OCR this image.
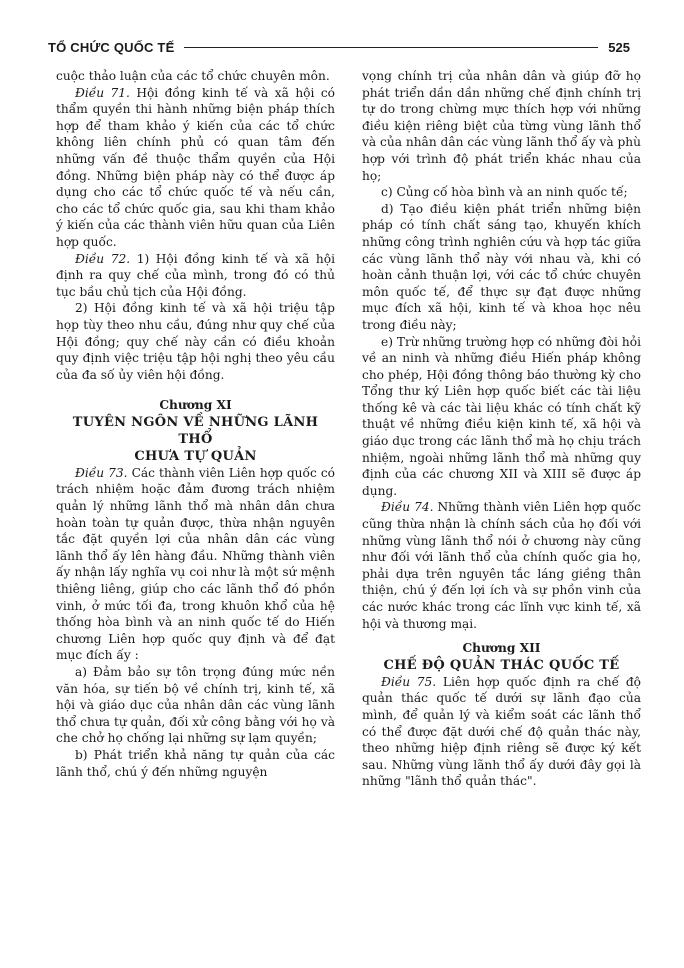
TỔ CHỨC QUỐC TẾ	525

cuộc thảo luận của các tổ chức chuyên môn.

Điều 71. Hội đồng kinh tế và xã hội có thẩm quyền thi hành những biện pháp thích hợp để tham khảo ý kiến của các tổ chức không liên chính phủ có quan tâm đến những vấn đề thuộc thẩm quyền của Hội đồng. Những biện pháp này có thể được áp dụng cho các tổ chức quốc tế và nếu cần, cho các tổ chức quốc gia, sau khi tham khảo ý kiến của các thành viên hữu quan của Liên hợp quốc.

Điều 72. 1) Hội đồng kinh tế và xã hội định ra quy chế của mình, trong đó có thủ tục bầu chủ tịch của Hội đồng.

2) Hội đồng kinh tế và xã hội triệu tập họp tùy theo nhu cầu, đúng như quy chế của Hội đồng; quy chế này cần có điều khoản quy định việc triệu tập hội nghị theo yêu cầu của đa số ủy viên hội đồng.

Chương XI
TUYÊN NGÔN VỀ NHỮNG LÃNH THỔ
CHƯA TỰ QUẢN

Điều 73. Các thành viên Liên hợp quốc có trách nhiệm hoặc đảm đương trách nhiệm quản lý những lãnh thổ mà nhân dân chưa hoàn toàn tự quản được, thừa nhận nguyên tắc đặt quyền lợi của nhân dân các vùng lãnh thổ ấy lên hàng đầu. Những thành viên ấy nhận lấy nghĩa vụ coi như là một sứ mệnh thiêng liêng, giúp cho các lãnh thổ đó phồn vinh, ở mức tối đa, trong khuôn khổ của hệ thống hòa bình và an ninh quốc tế do Hiến chương Liên hợp quốc quy định và để đạt mục đích ấy :

a) Đảm bảo sự tôn trọng đúng mức nền văn hóa, sự tiến bộ về chính trị, kinh tế, xã hội và giáo dục của nhân dân các vùng lãnh thổ chưa tự quản, đối xử công bằng với họ và che chở họ chống lại những sự lạm quyền;

b) Phát triển khả năng tự quản của các lãnh thổ, chú ý đến những nguyện

vọng chính trị của nhân dân và giúp đỡ họ phát triển dần dần những chế định chính trị tự do trong chừng mực thích hợp với những điều kiện riêng biệt của từng vùng lãnh thổ và của nhân dân các vùng lãnh thổ ấy và phù hợp với trình độ phát triển khác nhau của họ;

c) Củng cố hòa bình và an ninh quốc tế;

d) Tạo điều kiện phát triển những biện pháp có tính chất sáng tạo, khuyến khích những công trình nghiên cứu và hợp tác giữa các vùng lãnh thổ này với nhau và, khi có hoàn cảnh thuận lợi, với các tổ chức chuyên môn quốc tế, để thực sự đạt được những mục đích xã hội, kinh tế và khoa học nêu trong điều này;

e) Trừ những trường hợp có những đòi hỏi về an ninh và những điều Hiến pháp không cho phép, Hội đồng thông báo thường kỳ cho Tổng thư ký Liên hợp quốc biết các tài liệu thống kê và các tài liệu khác có tính chất kỹ thuật về những điều kiện kinh tế, xã hội và giáo dục trong các lãnh thổ mà họ chịu trách nhiệm, ngoài những lãnh thổ mà những quy định của các chương XII và XIII sẽ được áp dụng.

Điều 74. Những thành viên Liên hợp quốc cũng thừa nhận là chính sách của họ đối với những vùng lãnh thổ nói ở chương này cũng như đối với lãnh thổ của chính quốc gia họ, phải dựa trên nguyên tắc láng giềng thân thiện, chú ý đến lợi ích và sự phồn vinh của các nước khác trong các lĩnh vực kinh tế, xã hội và thương mại.

Chương XII
CHẾ ĐỘ QUẢN THÁC QUỐC TẾ

Điều 75. Liên hợp quốc định ra chế độ quản thác quốc tế dưới sự lãnh đạo của mình, để quản lý và kiểm soát các lãnh thổ có thể được đặt dưới chế độ quản thác này, theo những hiệp định riêng sẽ được ký kết sau. Những vùng lãnh thổ ấy dưới đây gọi là những "lãnh thổ quản thác".
